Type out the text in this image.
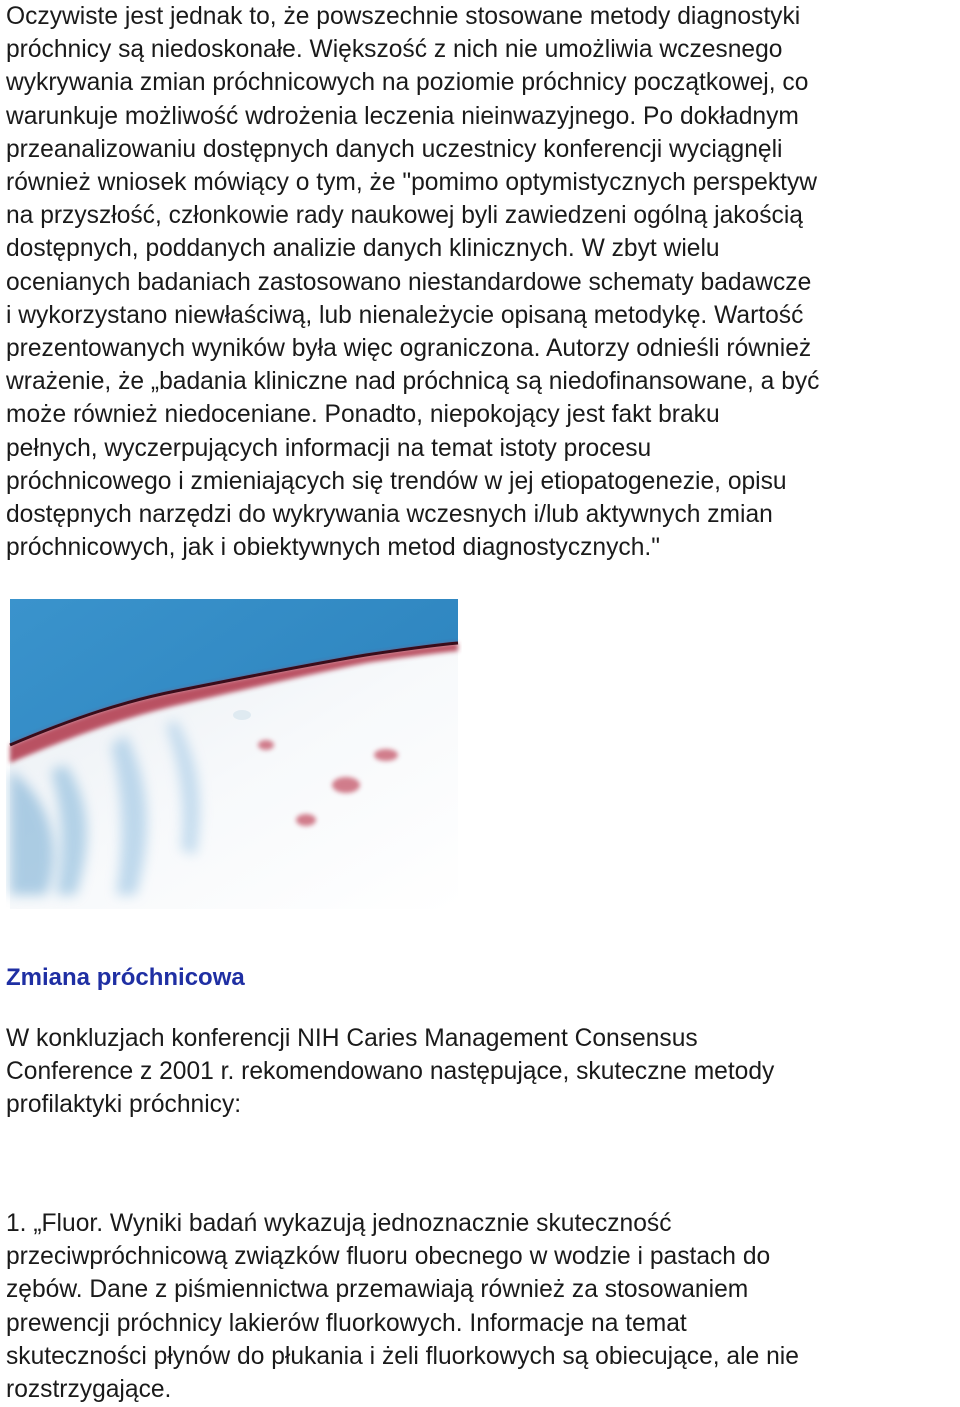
Oczywiste jest jednak to, że powszechnie stosowane metody diagnostyki
próchnicy są niedoskonałe. Większość z nich nie umożliwia wczesnego
wykrywania zmian próchnicowych na poziomie próchnicy początkowej, co
warunkuje możliwość wdrożenia leczenia nieinwazyjnego. Po dokładnym
przeanalizowaniu dostępnych danych uczestnicy konferencji wyciągnęli
również wniosek mówiący o tym, że "pomimo optymistycznych perspektyw
na przyszłość, członkowie rady naukowej byli zawiedzeni ogólną jakością
dostępnych, poddanych analizie danych klinicznych. W zbyt wielu
ocenianych badaniach zastosowano niestandardowe schematy badawcze
i wykorzystano niewłaściwą, lub nienależycie opisaną metodykę. Wartość
prezentowanych wyników była więc ograniczona. Autorzy odnieśli również
wrażenie, że „badania kliniczne nad próchnicą są niedofinansowane, a być
może również niedoceniane. Ponadto, niepokojący jest fakt braku
pełnych, wyczerpujących informacji na temat istoty procesu
próchnicowego i zmieniających się trendów w jej etiopatogenezie, opisu
dostępnych narzędzi do wykrywania wczesnych i/lub aktywnych zmian
próchnicowych, jak i obiektywnych metod diagnostycznych."

Zmiana próchnicowa

W konkluzjach konferencji NIH Caries Management Consensus
Conference z 2001 r. rekomendowano następujące, skuteczne metody
profilaktyki próchnicy:

1. „Fluor. Wyniki badań wykazują jednoznacznie skuteczność
przeciwpróchnicową związków fluoru obecnego w wodzie i pastach do
zębów. Dane z piśmiennictwa przemawiają również za stosowaniem
prewencji próchnicy lakierów fluorkowych. Informacje na temat
skuteczności płynów do płukania i żeli fluorkowych są obiecujące, ale nie
rozstrzygające.
